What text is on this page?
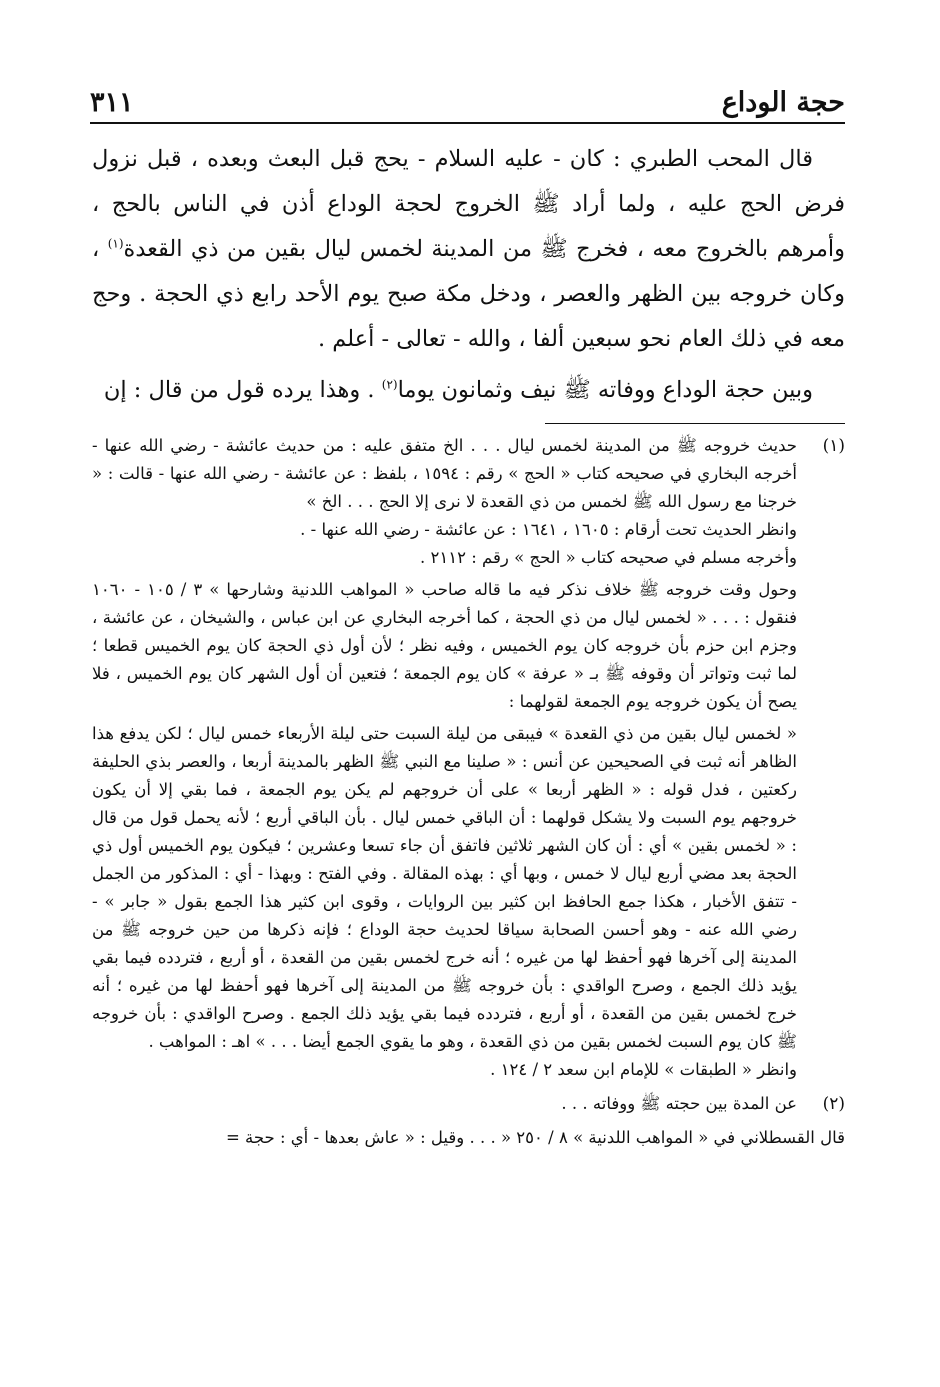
حجة الوداع
٣١١

قال المحب الطبري : كان - عليه السلام - يحج قبل البعث وبعده ، قبل نزول فرض الحج عليه ، ولما أراد ﷺ الخروج لحجة الوداع أذن في الناس بالحج ، وأمرهم بالخروج معه ، فخرج ﷺ من المدينة لخمس ليال بقين من ذي القعدة$^{(١)}$ ، وكان خروجه بين الظهر والعصر ، ودخل مكة صبح يوم الأحد رابع ذي الحجة . وحج معه في ذلك العام نحو سبعين ألفا ، والله - تعالى - أعلم .

وبين حجة الوداع ووفاته ﷺ نيف وثمانون يوما$^{(٢)}$ . وهذا يرده قول من قال : إن

(١)

حديث خروجه ﷺ من المدينة لخمس ليال . . . الخ متفق عليه : من حديث عائشة - رضي الله عنها - أخرجه البخاري في صحيحه كتاب « الحج » رقم : ١٥٩٤ ، بلفظ : عن عائشة - رضي الله عنها - قالت : « خرجنا مع رسول الله ﷺ لخمس من ذي القعدة لا نرى إلا الحج . . . الخ »

وانظر الحديث تحت أرقام : ١٦٠٥ ، ١٦٤١ : عن عائشة - رضي الله عنها - .

وأخرجه مسلم في صحيحه كتاب « الحج » رقم : ٢١١٢ .

وحول وقت خروجه ﷺ خلاف نذكر فيه ما قاله صاحب « المواهب اللدنية وشارحها » ٣ / ١٠٥ - ١٠٦٠ فنقول : . . . « لخمس ليال من ذي الحجة ، كما أخرجه البخاري عن ابن عباس ، والشيخان ، عن عائشة ، وجزم ابن حزم بأن خروجه كان يوم الخميس ، وفيه نظر ؛ لأن أول ذي الحجة كان يوم الخميس قطعا ؛ لما ثبت وتواتر أن وقوفه ﷺ بـ « عرفة » كان يوم الجمعة ؛ فتعين أن أول الشهر كان يوم الخميس ، فلا يصح أن يكون خروجه يوم الجمعة لقولهما :

« لخمس ليال بقين من ذي القعدة » فيبقى من ليلة السبت حتى ليلة الأربعاء خمس ليال ؛ لكن يدفع هذا الظاهر أنه ثبت في الصحيحين عن أنس : « صلينا مع النبي ﷺ الظهر بالمدينة أربعا ، والعصر بذي الحليفة ركعتين ، فدل قوله : « الظهر أربعا » على أن خروجهم لم يكن يوم الجمعة ، فما بقي إلا أن يكون خروجهم يوم السبت ولا يشكل قولهما : أن الباقي خمس ليال . بأن الباقي أربع ؛ لأنه يحمل قول من قال : « لخمس بقين » أي : أن كان الشهر ثلاثين فاتفق أن جاء تسعا وعشرين ؛ فيكون يوم الخميس أول ذي الحجة بعد مضي أربع ليال لا خمس ، وبها أي : بهذه المقالة . وفي الفتح : وبهذا - أي : المذكور من الجمل - تتفق الأخبار ، هكذا جمع الحافظ ابن كثير بين الروايات ، وقوى ابن كثير هذا الجمع بقول « جابر » - رضي الله عنه - وهو أحسن الصحابة سياقا لحديث حجة الوداع ؛ فإنه ذكرها من حين خروجه ﷺ من المدينة إلى آخرها فهو أحفظ لها من غيره ؛ أنه خرج لخمس بقين من القعدة ، أو أربع ، فتردده فيما بقي يؤيد ذلك الجمع ، وصرح الواقدي : بأن خروجه ﷺ من المدينة إلى آخرها فهو أحفظ لها من غيره ؛ أنه خرج لخمس بقين من القعدة ، أو أربع ، فتردده فيما بقي يؤيد ذلك الجمع . وصرح الواقدي : بأن خروجه ﷺ كان يوم السبت لخمس بقين من ذي القعدة ، وهو ما يقوي الجمع أيضا . . . » اهـ : المواهب .

وانظر « الطبقات » للإمام ابن سعد ٢ / ١٢٤ .

(٢)

عن المدة بين حجته ﷺ ووفاته . . .

قال القسطلاني في « المواهب اللدنية » ٨ / ٢٥٠ « . . . وقيل : « عاش بعدها - أي : حجة =
